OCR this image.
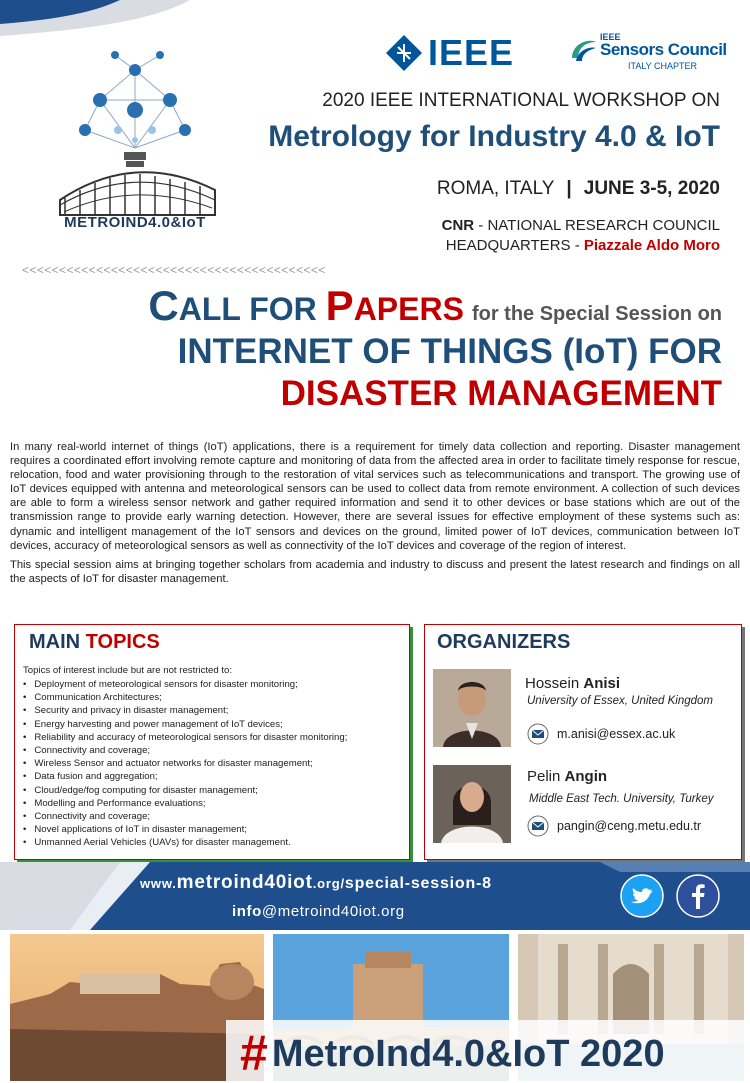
METROIND4.0&IoT
IEEE	IEEE
Sensors Council
ITALY CHAPTER
2020 IEEE INTERNATIONAL WORKSHOP ON
Metrology for Industry 4.0 & IoT
ROMA, ITALY | JUNE 3-5, 2020
CNR - NATIONAL RESEARCH COUNCIL
HEADQUARTERS - Piazzale Aldo Moro
<<<<<<<<<<<<<<<<<<<<<<<<<<<<<<<<<<<<<<<<<
CALL FOR PAPERS for the Special Session on
INTERNET OF THINGS (IoT) FOR
DISASTER MANAGEMENT

In many real-world internet of things (IoT) applications, there is a requirement for timely data collection and reporting. Disaster management requires a coordinated effort involving remote capture and monitoring of data from the affected area in order to facilitate timely response for rescue, relocation, food and water provisioning through to the restoration of vital services such as telecommunications and transport. The growing use of IoT devices equipped with antenna and meteorological sensors can be used to collect data from remote environment. A collection of such devices are able to form a wireless sensor network and gather required information and send it to other devices or base stations which are out of the transmission range to provide early warning detection. However, there are several issues for effective employment of these systems such as: dynamic and intelligent management of the IoT sensors and devices on the ground, limited power of IoT devices, communication between IoT devices, accuracy of meteorological sensors as well as connectivity of the IoT devices and coverage of the region of interest.

This special session aims at bringing together scholars from academia and industry to discuss and present the latest research and findings on all the aspects of IoT for disaster management.

MAIN TOPICS
Topics of interest include but are not restricted to:
• Deployment of meteorological sensors for disaster monitoring;
• Communication Architectures;
• Security and privacy in disaster management;
• Energy harvesting and power management of IoT devices;
• Reliability and accuracy of meteorological sensors for disaster monitoring;
• Connectivity and coverage;
• Wireless Sensor and actuator networks for disaster management;
• Data fusion and aggregation;
• Cloud/edge/fog computing for disaster management;
• Modelling and Performance evaluations;
• Connectivity and coverage;
• Novel applications of IoT in disaster management;
• Unmanned Aerial Vehicles (UAVs) for disaster management.
ORGANIZERS
Hossein Anisi
University of Essex, United Kingdom
m.anisi@essex.ac.uk
Pelin Angin
Middle East Tech. University, Turkey
pangin@ceng.metu.edu.tr
www.metroind40iot.org/special-session-8
info@metroind40iot.org
# MetroInd4.0&IoT 2020
